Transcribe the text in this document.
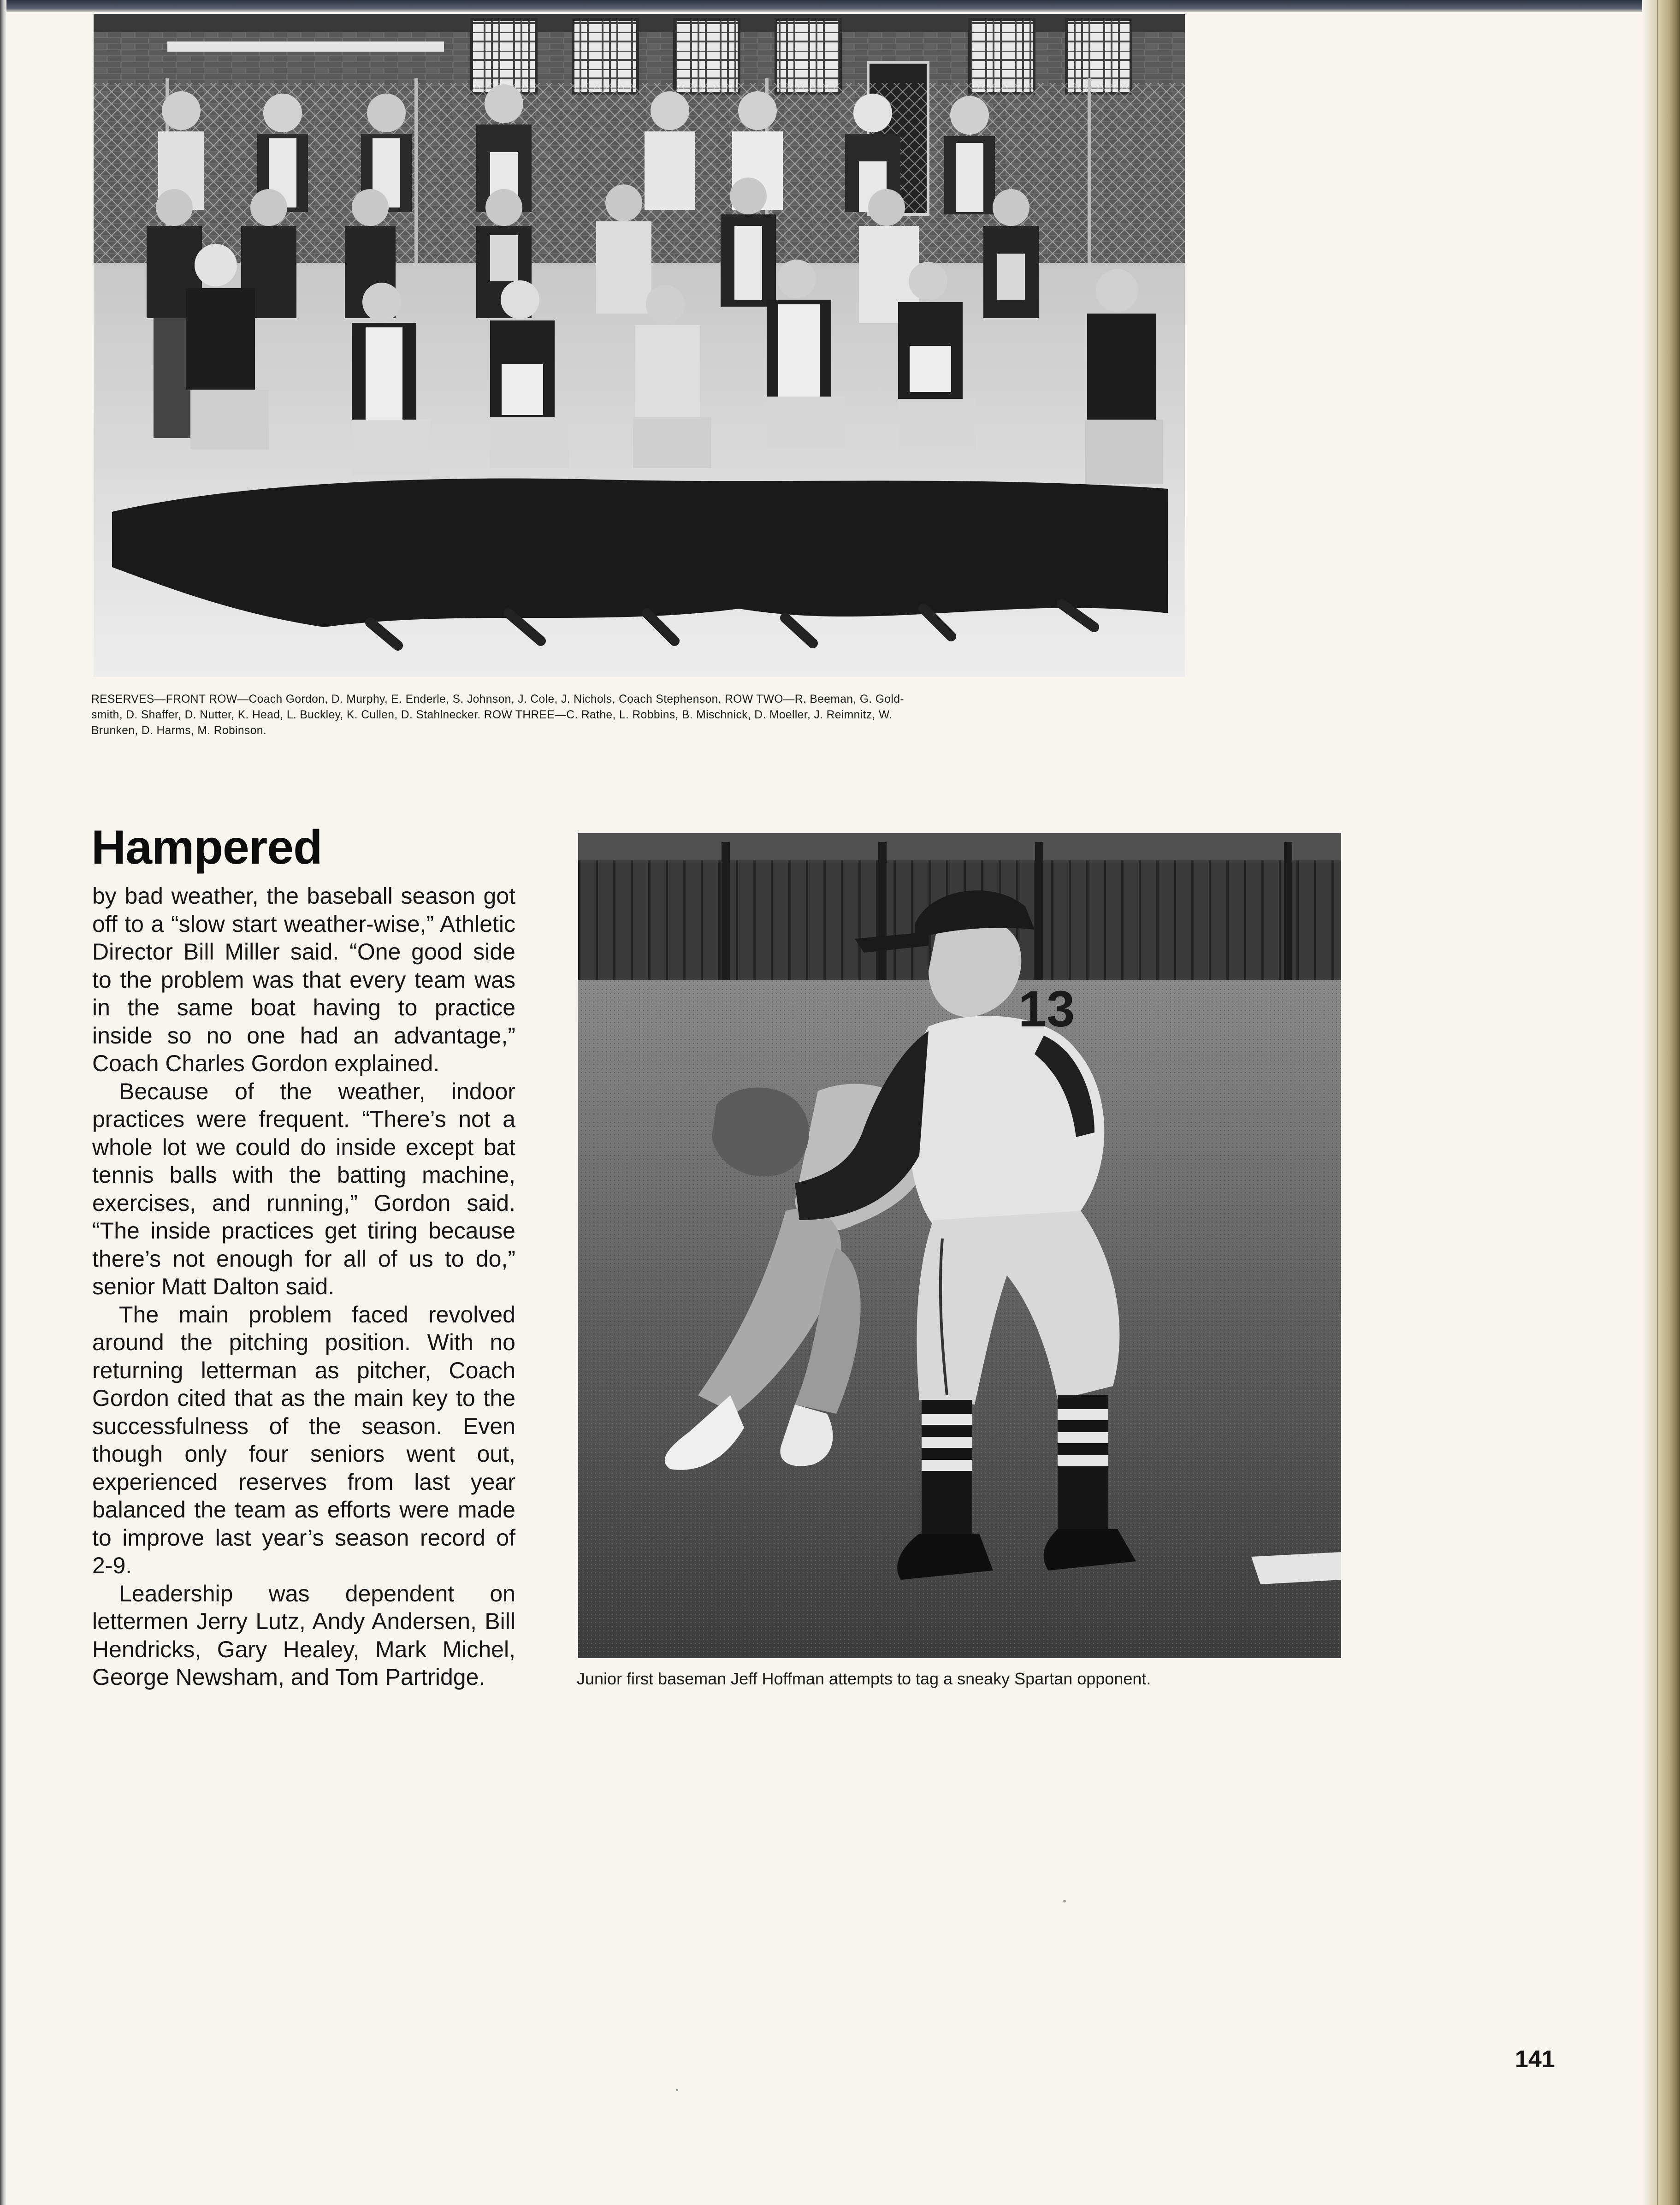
RESERVES—FRONT ROW—Coach Gordon, D. Murphy, E. Enderle, S. Johnson, J. Cole, J. Nichols, Coach Stephenson. ROW TWO—R. Beeman, G. Gold-
smith, D. Shaffer, D. Nutter, K. Head, L. Buckley, K. Cullen, D. Stahlnecker. ROW THREE—C. Rathe, L. Robbins, B. Mischnick, D. Moeller, J. Reimnitz, W.
Brunken, D. Harms, M. Robinson.
Hampered

by bad weather, the baseball season got off to a “slow start weather-wise,” Athletic Director Bill Miller said. “One good side to the problem was that every team was in the same boat having to practice inside so no one had an advantage,” Coach Charles Gordon explained.

Because of the weather, indoor practices were frequent. “There’s not a whole lot we could do inside except bat tennis balls with the batting machine, exercises, and running,” Gordon said. “The inside practices get tiring because there’s not enough for all of us to do,” senior Matt Dalton said.

The main problem faced revolved around the pitching position. With no returning letterman as pitcher, Coach Gordon cited that as the main key to the successfulness of the season. Even though only four seniors went out, experienced reserves from last year balanced the team as efforts were made to improve last year’s season record of 2-9.

Leadership was dependent on lettermen Jerry Lutz, Andy Andersen, Bill Hendricks, Gary Healey, Mark Michel, George Newsham, and Tom Partridge.

13
Junior first baseman Jeff Hoffman attempts to tag a sneaky Spartan opponent.
141
